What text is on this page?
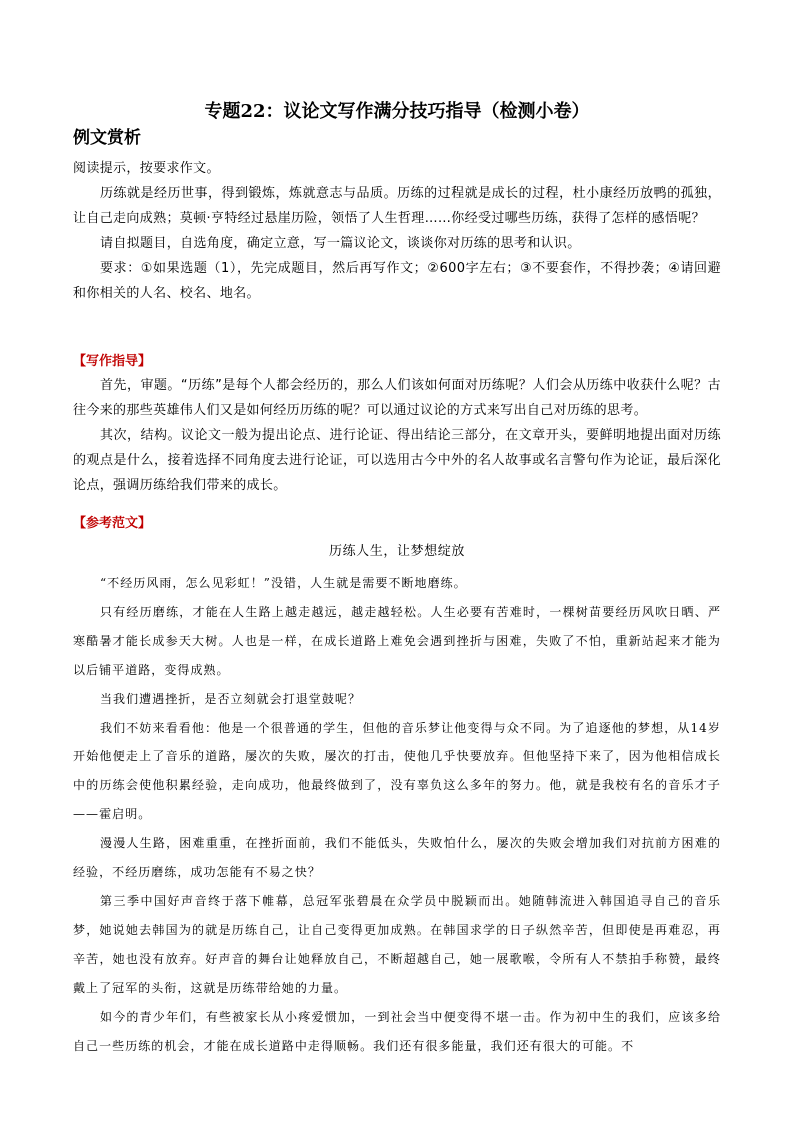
专题22：议论文写作满分技巧指导（检测小卷）
例文赏析

阅读提示，按要求作文。

历练就是经历世事，得到锻炼，炼就意志与品质。历练的过程就是成长的过程，杜小康经历放鸭的孤独，让自己走向成熟；莫顿·亨特经过悬崖历险，领悟了人生哲理……你经受过哪些历练，获得了怎样的感悟呢？

请自拟题目，自选角度，确定立意，写一篇议论文，谈谈你对历练的思考和认识。

要求：①如果选题（1），先完成题目，然后再写作文；②600字左右；③不要套作，不得抄袭；④请回避和你相关的人名、校名、地名。

【写作指导】

首先，审题。“历练”是每个人都会经历的，那么人们该如何面对历练呢？人们会从历练中收获什么呢？古往今来的那些英雄伟人们又是如何经历历练的呢？可以通过议论的方式来写出自己对历练的思考。

其次，结构。议论文一般为提出论点、进行论证、得出结论三部分，在文章开头，要鲜明地提出面对历练的观点是什么，接着选择不同角度去进行论证，可以选用古今中外的名人故事或名言警句作为论证，最后深化论点，强调历练给我们带来的成长。

【参考范文】
历练人生，让梦想绽放

“不经历风雨，怎么见彩虹！”没错，人生就是需要不断地磨练。

只有经历磨练，才能在人生路上越走越远，越走越轻松。人生必要有苦难时，一棵树苗要经历风吹日晒、严寒酷暑才能长成参天大树。人也是一样，在成长道路上难免会遇到挫折与困难，失败了不怕，重新站起来才能为以后铺平道路，变得成熟。

当我们遭遇挫折，是否立刻就会打退堂鼓呢？

我们不妨来看看他：他是一个很普通的学生，但他的音乐梦让他变得与众不同。为了追逐他的梦想，从14岁开始他便走上了音乐的道路，屡次的失败，屡次的打击，使他几乎快要放弃。但他坚持下来了，因为他相信成长中的历练会使他积累经验，走向成功，他最终做到了，没有辜负这么多年的努力。他，就是我校有名的音乐才子——霍启明。

漫漫人生路，困难重重，在挫折面前，我们不能低头，失败怕什么，屡次的失败会增加我们对抗前方困难的经验，不经历磨练，成功怎能有不易之快？

第三季中国好声音终于落下帷幕，总冠军张碧晨在众学员中脱颖而出。她随韩流进入韩国追寻自己的音乐梦，她说她去韩国为的就是历练自己，让自己变得更加成熟。在韩国求学的日子纵然辛苦，但即使是再难忍，再辛苦，她也没有放弃。好声音的舞台让她释放自己，不断超越自己，她一展歌喉，令所有人不禁拍手称赞，最终戴上了冠军的头衔，这就是历练带给她的力量。

如今的青少年们，有些被家长从小疼爱惯加，一到社会当中便变得不堪一击。作为初中生的我们，应该多给自己一些历练的机会，才能在成长道路中走得顺畅。我们还有很多能量，我们还有很大的可能。不
